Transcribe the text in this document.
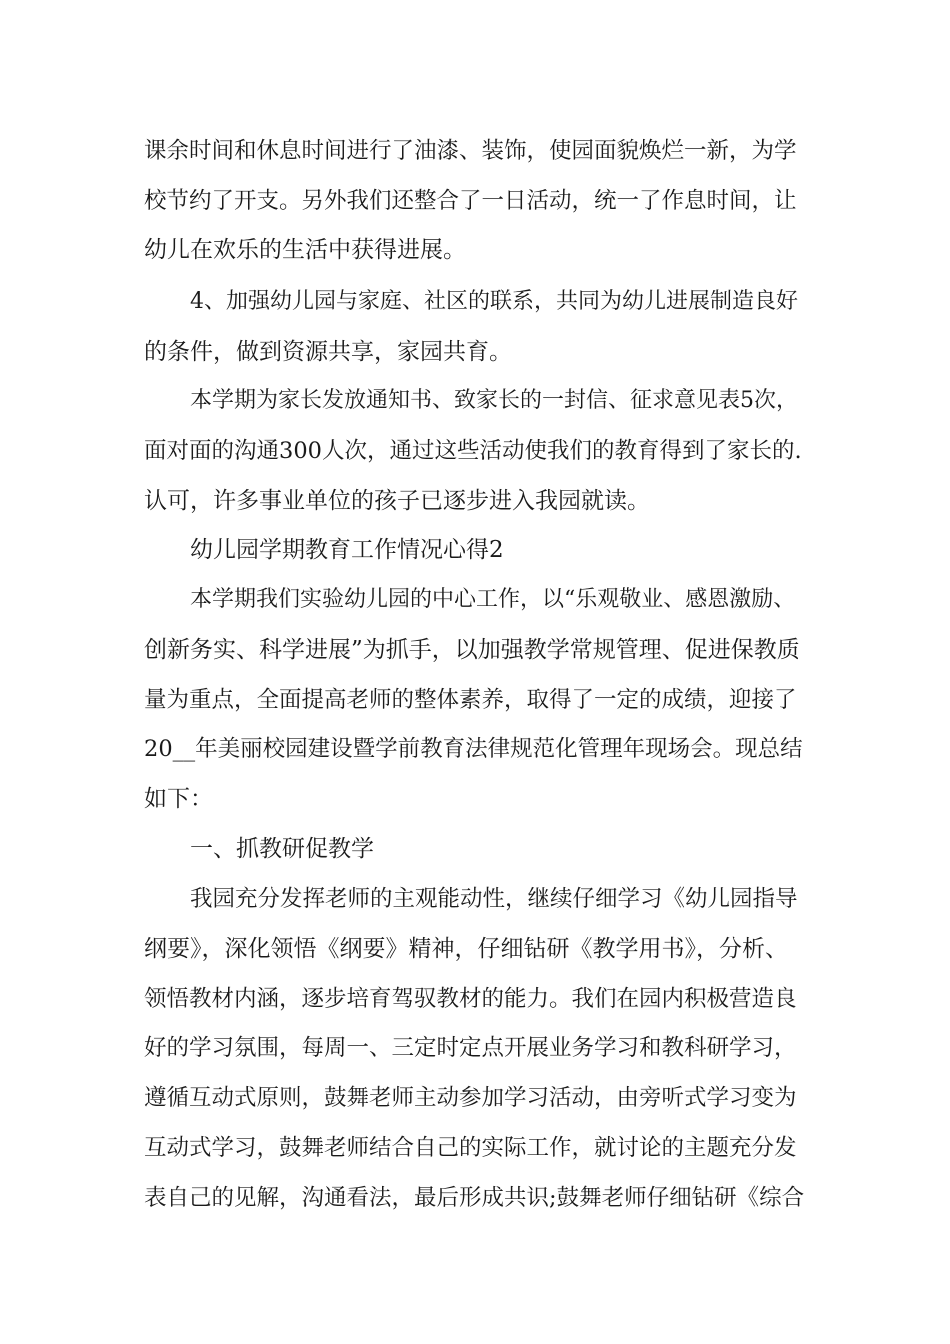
课余时间和休息时间进行了油漆、装饰，使园面貌焕烂一新，为学
校节约了开支。另外我们还整合了一日活动，统一了作息时间，让
幼儿在欢乐的生活中获得进展。
4、加强幼儿园与家庭、社区的联系，共同为幼儿进展制造良好
的条件，做到资源共享，家园共育。
本学期为家长发放通知书、致家长的一封信、征求意见表5次，
面对面的沟通300人次，通过这些活动使我们的教育得到了家长的.
认可，许多事业单位的孩子已逐步进入我园就读。
幼儿园学期教育工作情况心得2
本学期我们实验幼儿园的中心工作，以“乐观敬业、感恩激励、
创新务实、科学进展”为抓手，以加强教学常规管理、促进保教质
量为重点，全面提高老师的整体素养，取得了一定的成绩，迎接了
20__年美丽校园建设暨学前教育法律规范化管理年现场会。现总结
如下：
一、抓教研促教学
我园充分发挥老师的主观能动性，继续仔细学习《幼儿园指导
纲要》，深化领悟《纲要》精神，仔细钻研《教学用书》，分析、
领悟教材内涵，逐步培育驾驭教材的能力。我们在园内积极营造良
好的学习氛围，每周一、三定时定点开展业务学习和教科研学习，
遵循互动式原则，鼓舞老师主动参加学习活动，由旁听式学习变为
互动式学习，鼓舞老师结合自己的实际工作，就讨论的主题充分发
表自己的见解，沟通看法，最后形成共识;鼓舞老师仔细钻研《综合
